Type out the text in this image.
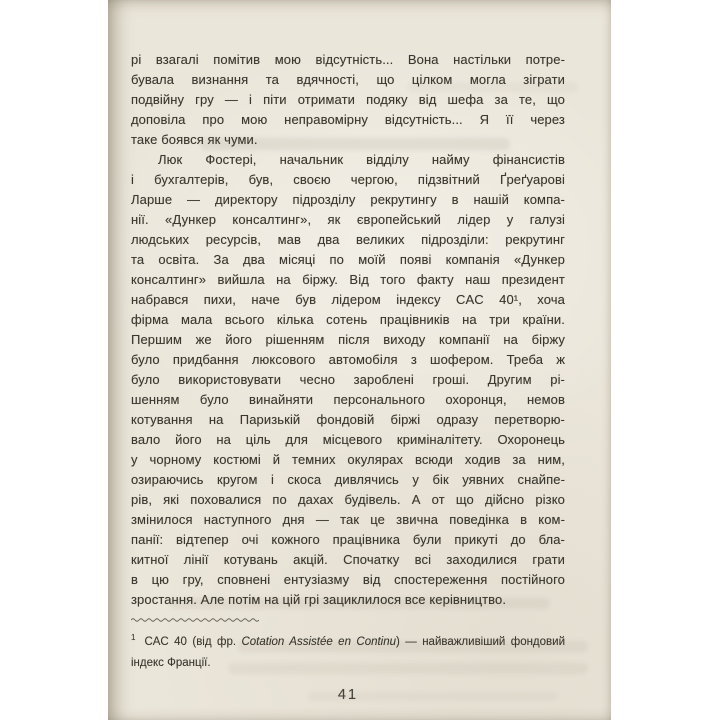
рі взагалі помітив мою відсутність... Вона настільки потре-
бувала визнання та вдячності, що цілком могла зіграти
подвійну гру — і піти отримати подяку від шефа за те, що
доповіла про мою неправомірну відсутність... Я її через
таке боявся як чуми.
Люк Фостері, начальник відділу найму фінансистів
і бухгалтерів, був, своєю чергою, підзвітний Ґреґуарові
Ларше — директору підрозділу рекрутингу в нашій компа-
нії. «Дункер консалтинг», як європейський лідер у галузі
людських ресурсів, мав два великих підрозділи: рекрутинг
та освіта. За два місяці по моїй появі компанія «Дункер
консалтинг» вийшла на біржу. Від того факту наш президент
набрався пихи, наче був лідером індексу CAC 40¹, хоча
фірма мала всього кілька сотень працівників на три країни.
Першим же його рішенням після виходу компанії на біржу
було придбання люксового автомобіля з шофером. Треба ж
було використовувати чесно зароблені гроші. Другим рі-
шенням було винайняти персонального охоронця, немов
котування на Паризькій фондовій біржі одразу перетворю-
вало його на ціль для місцевого криміналітету. Охоронець
у чорному костюмі й темних окулярах всюди ходив за ним,
озираючись кругом і скоса дивлячись у бік уявних снайпе-
рів, які поховалися по дахах будівель. А от що дійсно різко
змінилося наступного дня — так це звична поведінка в ком-
панії: відтепер очі кожного працівника були прикуті до бла-
китної лінії котувань акцій. Спочатку всі заходилися грати
в цю гру, сповнені ентузіазму від спостереження постійного
зростання. Але потім на цій грі зациклилося все керівництво.
$^1$ CAC 40 (від фр. Cotation Assistée en Continu) — найважливіший фондовий
індекс Франції.
41
